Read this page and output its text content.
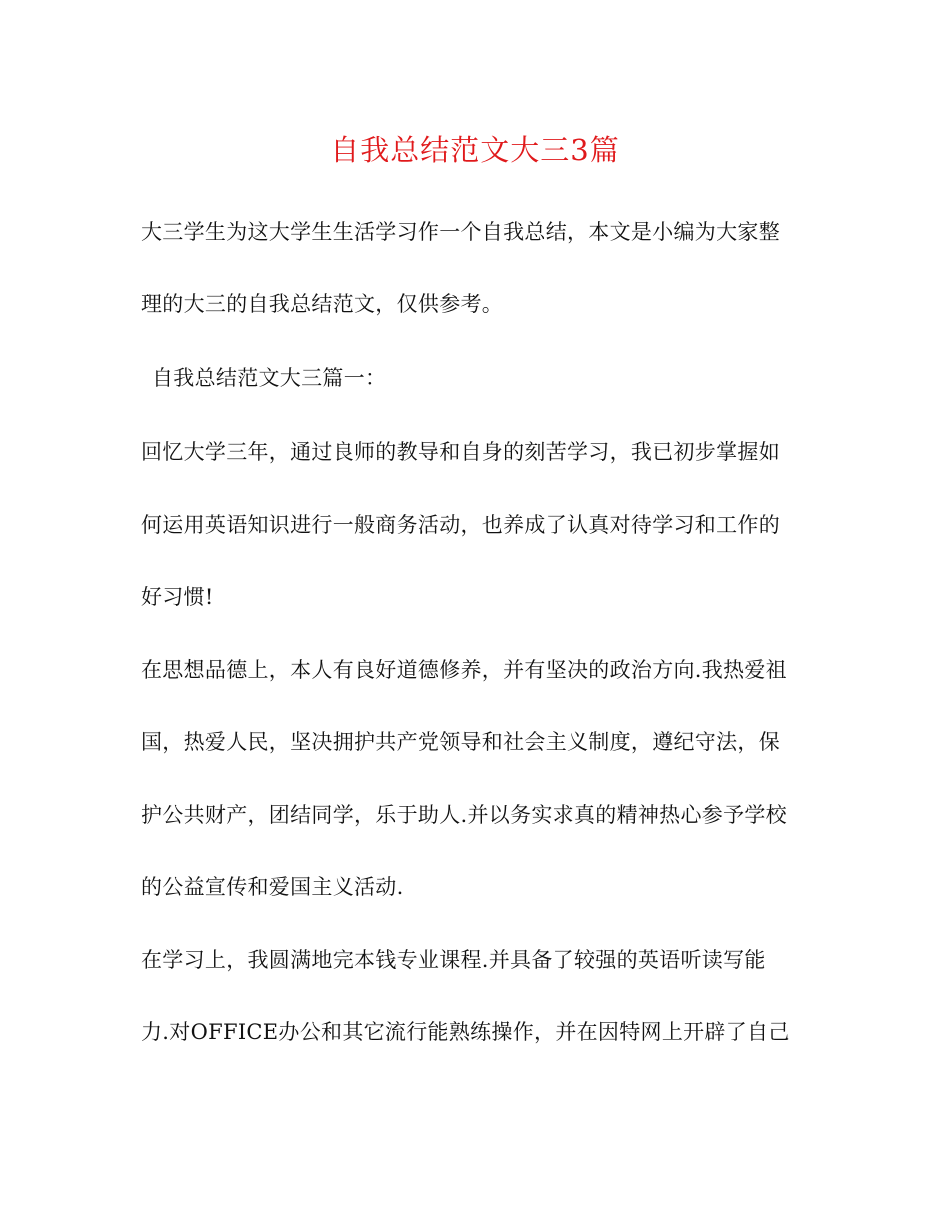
自我总结范文大三3篇
大三学生为这大学生生活学习作一个自我总结，本文是小编为大家整
理的大三的自我总结范文，仅供参考。
自我总结范文大三篇一：
回忆大学三年，通过良师的教导和自身的刻苦学习，我已初步掌握如
何运用英语知识进行一般商务活动，也养成了认真对待学习和工作的
好习惯!
在思想品德上，本人有良好道德修养，并有坚决的政治方向.我热爱祖
国，热爱人民，坚决拥护共产党领导和社会主义制度，遵纪守法，保
护公共财产，团结同学，乐于助人.并以务实求真的精神热心参予学校
的公益宣传和爱国主义活动.
在学习上，我圆满地完本钱专业课程.并具备了较强的英语听读写能
力.对OFFICE办公和其它流行能熟练操作，并在因特网上开辟了自己
